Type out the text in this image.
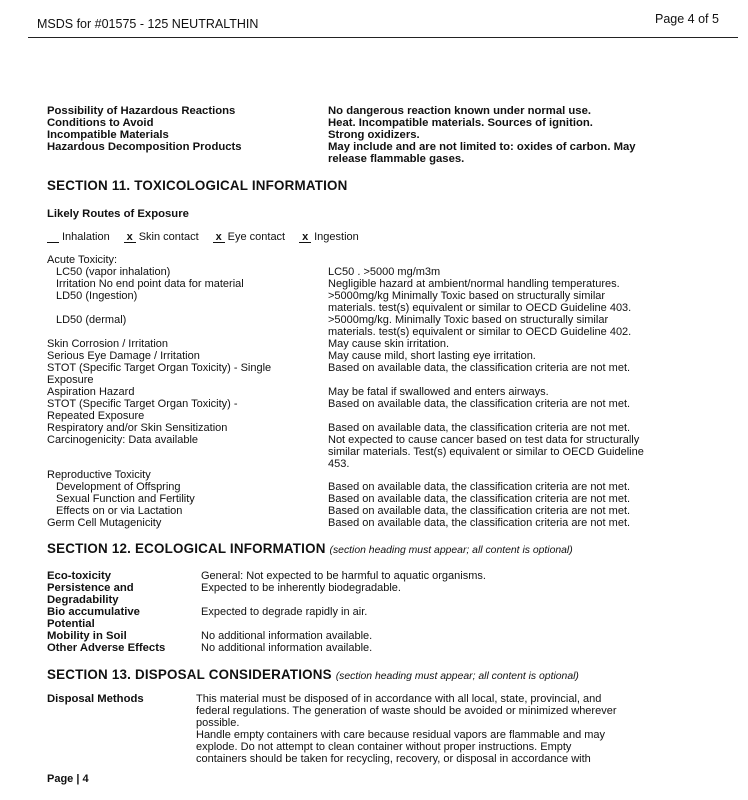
MSDS for #01575 - 125 NEUTRALTHIN	Page 4 of 5
Possibility of Hazardous Reactions	No dangerous reaction known under normal use.
Conditions to Avoid	Heat. Incompatible materials. Sources of ignition.
Incompatible Materials	Strong oxidizers.
Hazardous Decomposition Products	May include and are not limited to: oxides of carbon. May
release flammable gases.
SECTION 11. TOXICOLOGICAL INFORMATION
Likely Routes of Exposure
Inhalation x Skin contact x Eye contact x Ingestion
Acute Toxicity:
LC50 (vapor inhalation)	LC50 . >5000 mg/m3m
Irritation No end point data for material	Negligible hazard at ambient/normal handling temperatures.
LD50 (Ingestion)	>5000mg/kg Minimally Toxic based on structurally similar
materials. test(s) equivalent or similar to OECD Guideline 403.
LD50 (dermal)	>5000mg/kg. Minimally Toxic based on structurally similar
materials. test(s) equivalent or similar to OECD Guideline 402.
Skin Corrosion / Irritation	May cause skin irritation.
Serious Eye Damage / Irritation	May cause mild, short lasting eye irritation.
STOT (Specific Target Organ Toxicity) - Single	Based on available data, the classification criteria are not met.
Exposure
Aspiration Hazard	May be fatal if swallowed and enters airways.
STOT (Specific Target Organ Toxicity) -	Based on available data, the classification criteria are not met.
Repeated Exposure
Respiratory and/or Skin Sensitization	Based on available data, the classification criteria are not met.
Carcinogenicity: Data available	Not expected to cause cancer based on test data for structurally
similar materials. Test(s) equivalent or similar to OECD Guideline
453.
Reproductive Toxicity
Development of Offspring	Based on available data, the classification criteria are not met.
Sexual Function and Fertility	Based on available data, the classification criteria are not met.
Effects on or via Lactation	Based on available data, the classification criteria are not met.
Germ Cell Mutagenicity	Based on available data, the classification criteria are not met.
SECTION 12. ECOLOGICAL INFORMATION (section heading must appear; all content is optional)
Eco-toxicity	General: Not expected to be harmful to aquatic organisms.
Persistence and	Expected to be inherently biodegradable.
Degradability
Bio accumulative	Expected to degrade rapidly in air.
Potential
Mobility in Soil	No additional information available.
Other Adverse Effects	No additional information available.
SECTION 13. DISPOSAL CONSIDERATIONS (section heading must appear; all content is optional)
Disposal Methods	This material must be disposed of in accordance with all local, state, provincial, and
federal regulations. The generation of waste should be avoided or minimized wherever
possible.
Handle empty containers with care because residual vapors are flammable and may
explode. Do not attempt to clean container without proper instructions. Empty
containers should be taken for recycling, recovery, or disposal in accordance with
Page | 4
